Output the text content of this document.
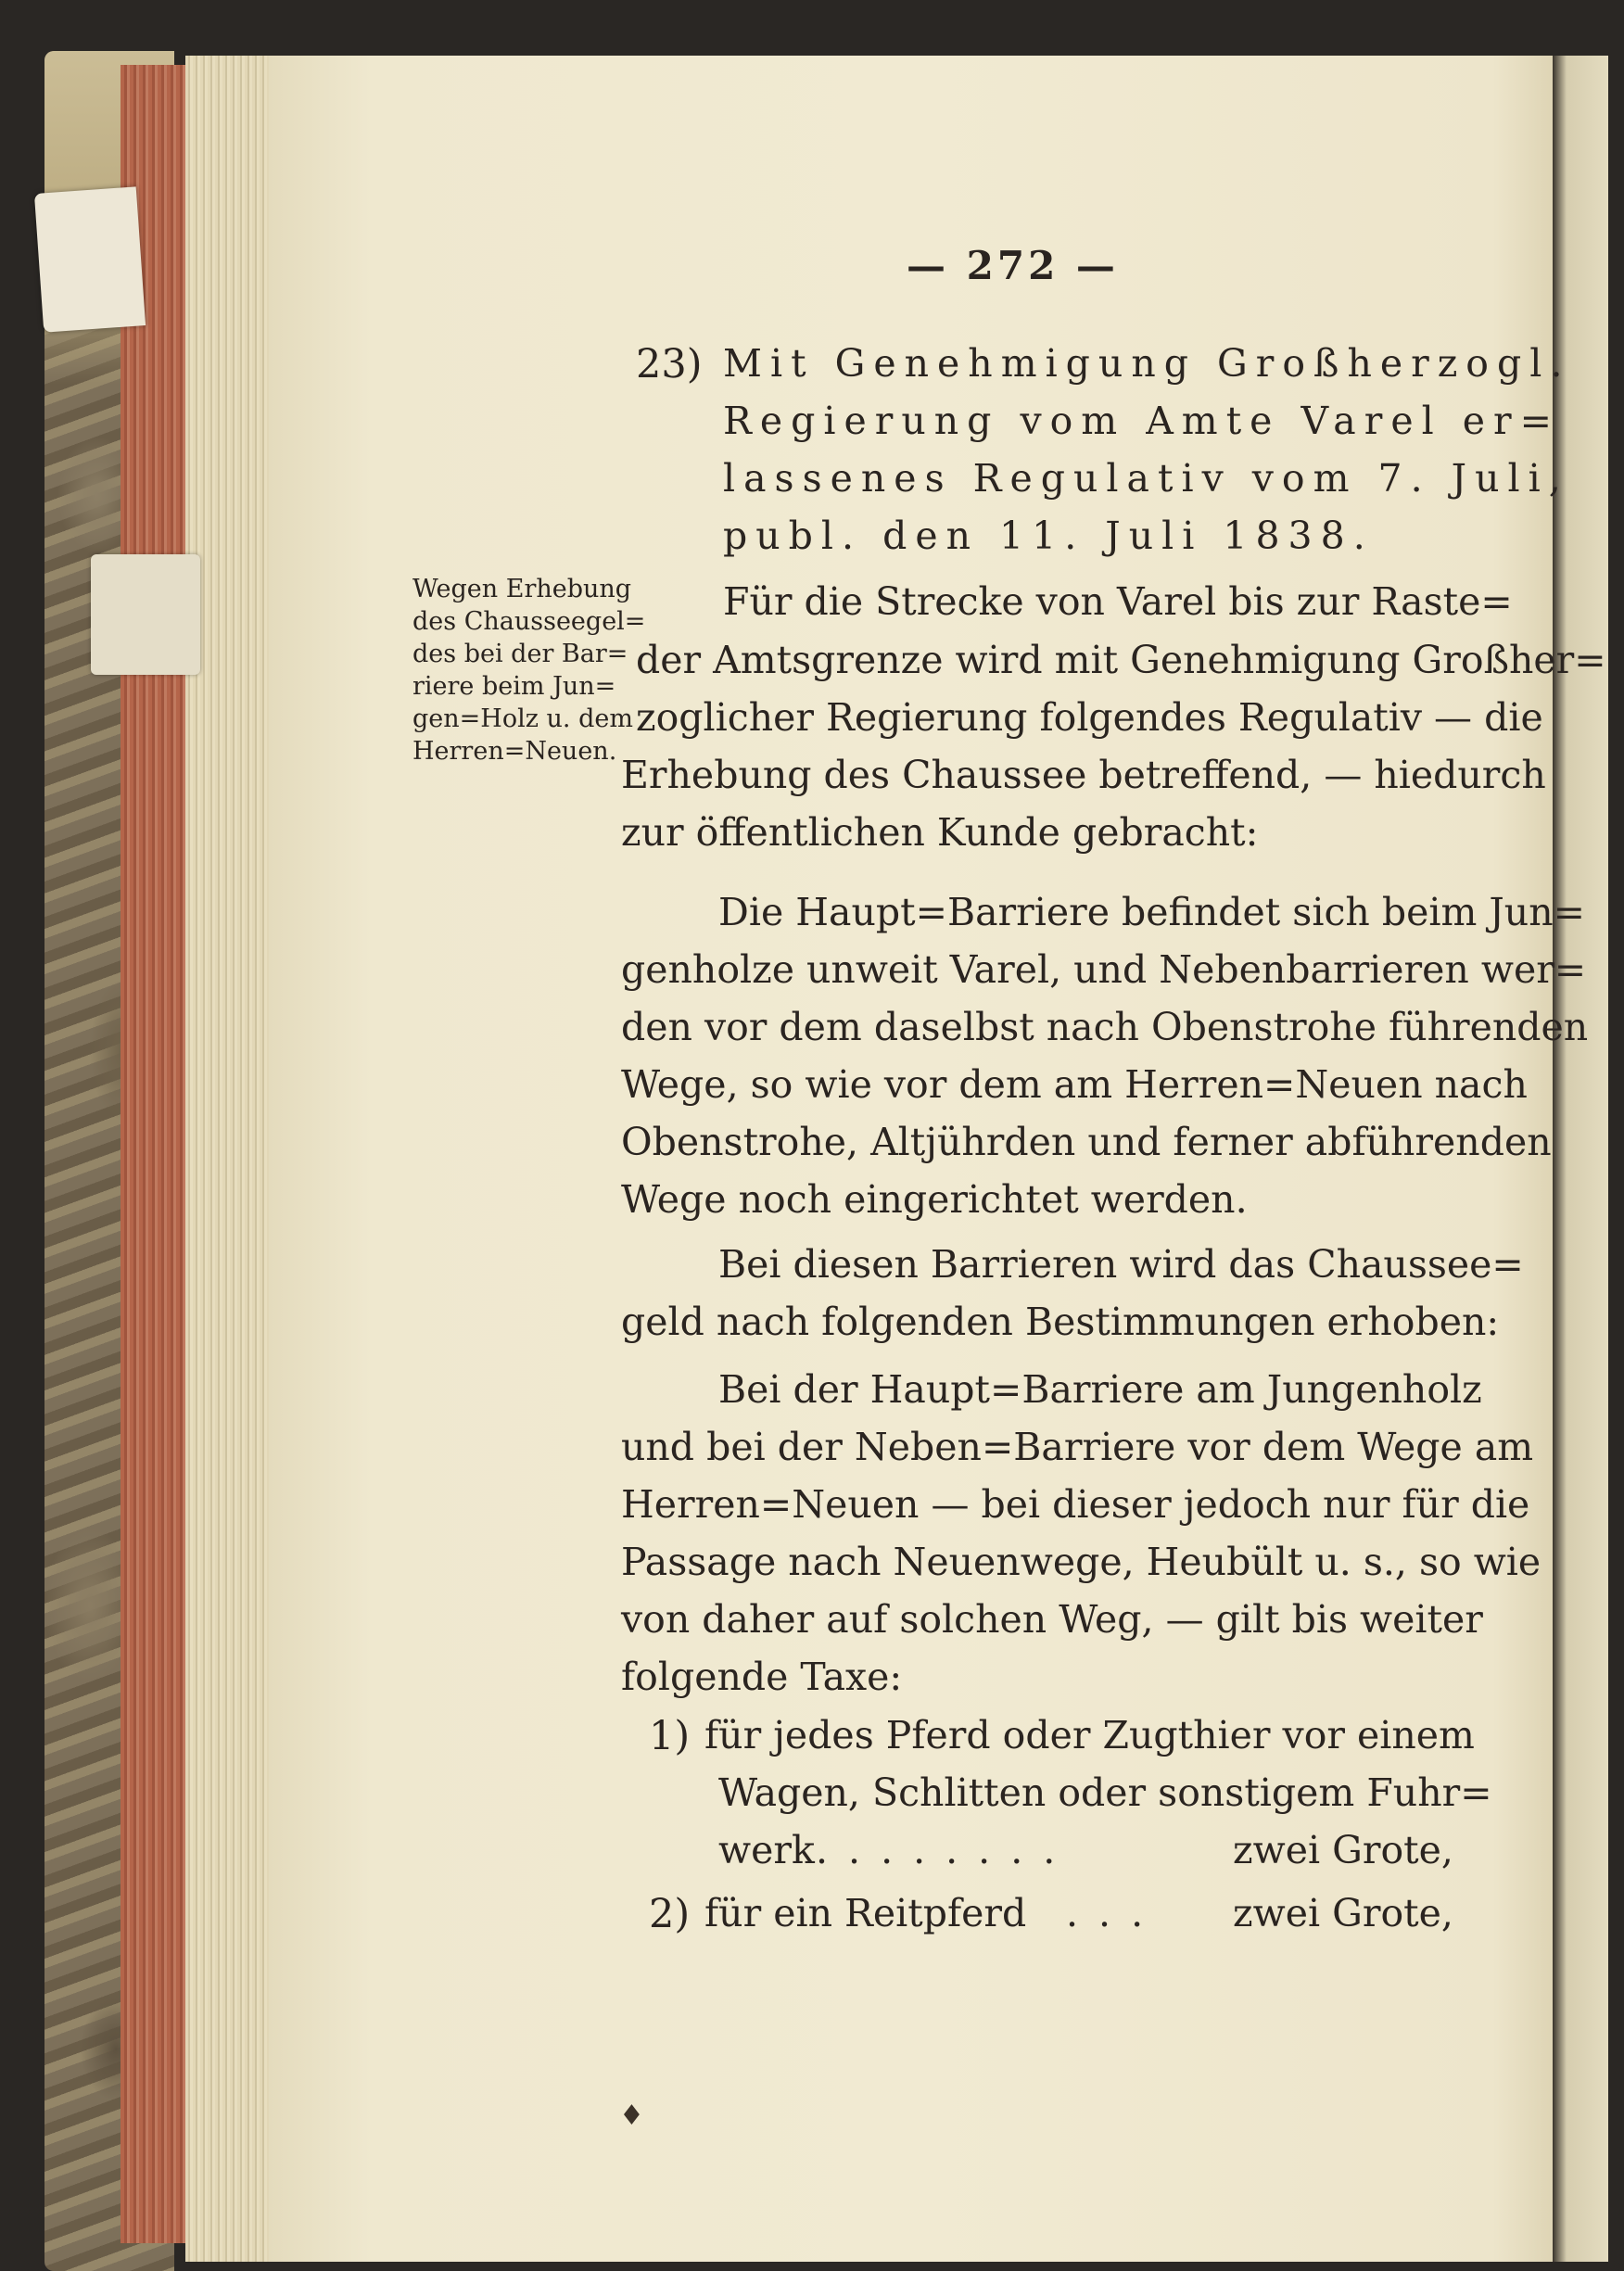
— 272 —
23) Mit Genehmigung Großherzogl.
Regierung vom Amte Varel er=
lassenes Regulativ vom 7. Juli,
publ. den 11. Juli 1838.
Wegen Erhebung
des Chausseegel=
des bei der Bar=
riere beim Jun=
gen=Holz u. dem
Herren=Neuen.
Für die Strecke von Varel bis zur Raste=
der Amtsgrenze wird mit Genehmigung Großher=
zoglicher Regierung folgendes Regulativ — die
Erhebung des Chaussee betreffend, — hiedurch
zur öffentlichen Kunde gebracht:
Die Haupt=Barriere befindet sich beim Jun=
genholze unweit Varel, und Nebenbarrieren wer=
den vor dem daselbst nach Obenstrohe führenden
Wege, so wie vor dem am Herren=Neuen nach
Obenstrohe, Altjührden und ferner abführenden
Wege noch eingerichtet werden.
Bei diesen Barrieren wird das Chaussee=
geld nach folgenden Bestimmungen erhoben:
Bei der Haupt=Barriere am Jungenholz
und bei der Neben=Barriere vor dem Wege am
Herren=Neuen — bei dieser jedoch nur für die
Passage nach Neuenwege, Heubült u. s., so wie
von daher auf solchen Weg, — gilt bis weiter
folgende Taxe:
1) für jedes Pferd oder Zugthier vor einem
Wagen, Schlitten oder sonstigem Fuhr=
werk ........	zwei Grote,
2) für ein Reitpferd ... zwei Grote,
♦
